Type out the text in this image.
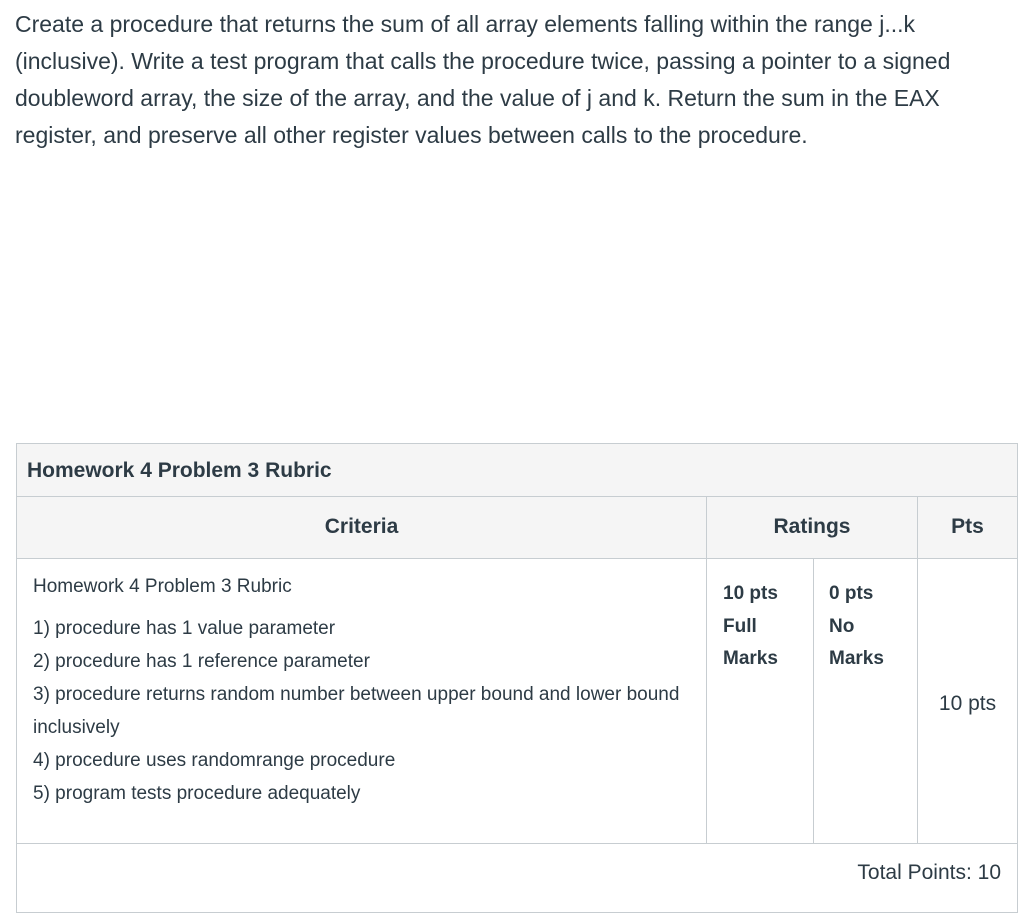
Create a procedure that returns the sum of all array elements falling within the range j...k (inclusive). Write a test program that calls the procedure twice, passing a pointer to a signed doubleword array, the size of the array, and the value of j and k. Return the sum in the EAX register, and preserve all other register values between calls to the procedure.

Homework 4 Problem 3 Rubric
Criteria	Ratings	Pts
Homework 4 Problem 3 Rubric
1) procedure has 1 value parameter
2) procedure has 1 reference parameter
3) procedure returns random number between upper bound and lower bound inclusively
4) procedure uses randomrange procedure
5) program tests procedure adequately
10 pts
Full Marks
0 pts
No Marks
10 pts
Total Points: 10
